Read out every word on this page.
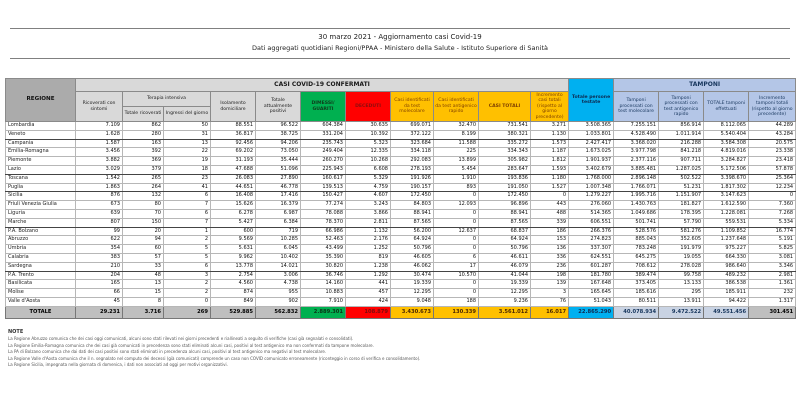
30 marzo 2021 - Aggiornamento casi Covid-19
Dati aggregati quotidiani Regioni/PPAA - Ministero della Salute - Istituto Superiore di Sanità
REGIONE	CASI COVID-19 CONFERMATI											Totale persone testate	TAMPONI			
	Ricoverati con sintomi	Terapia intensiva		Isolamento domiciliare	Totale attualmente positivi	DIMESSI/ GUARITI	DECEDUTI	Casi identificati da test molecolare	Casi identificati da test antigenico rapido	CASI TOTALI	Incremento casi totali (rispetto al giorno precedente)		Tamponi processati con test molecolare	Tamponi processati con test antigenico rapido	TOTALE tamponi effettuati	Incremento tamponi totali (rispetto al giorno precedente)
		Totale ricoverati	Ingressi del giorno													
Lombardia	7.109	862	50	88.551	96.522	604.384	30.635	699.071	32.470	731.541	3.271	3.508.365	7.255.151	856.914	8.112.065	44.289
Veneto	1.628	280	31	36.817	38.725	331.204	10.392	372.122	8.199	380.321	1.130	1.033.801	4.528.490	1.011.914	5.540.404	43.284
Campania	1.587	163	13	92.456	94.206	235.743	5.323	323.684	11.588	335.272	1.573	2.427.417	3.368.020	216.288	3.584.308	20.575
Emilia-Romagna	3.456	392	22	69.202	73.050	249.404	12.335	334.118	225	334.343	1.187	1.673.025	3.977.798	841.218	4.819.016	23.338
Piemonte	3.882	369	19	31.193	35.444	260.270	10.268	292.083	13.899	305.982	1.812	1.901.937	2.377.116	907.711	3.284.827	23.418
Lazio	3.029	379	18	47.688	51.096	225.943	6.608	278.193	5.454	283.647	1.593	3.402.679	3.885.481	1.287.025	5.172.506	57.878
Toscana	1.542	265	23	26.083	27.890	160.617	5.329	191.926	1.910	193.836	1.180	1.768.000	2.896.148	502.522	3.398.670	25.364
Puglia	1.863	264	41	44.651	46.778	139.513	4.759	190.157	893	191.050	1.527	1.007.348	1.766.071	51.231	1.817.302	12.234
Sicilia	876	132	6	16.408	17.416	150.427	4.607	172.450	0	172.450	0	1.279.227	1.995.716	1.151.907	3.147.623	0
Friuli Venezia Giulia	673	80	7	15.626	16.379	77.274	3.243	84.803	12.093	96.896	443	276.060	1.430.763	181.827	1.612.590	7.360
Liguria	639	70	6	6.278	6.987	78.088	3.866	88.941	0	88.941	488	514.365	1.049.686	178.395	1.228.081	7.268
Marche	807	150	7	5.427	6.384	78.370	2.811	87.565	0	87.565	339	606.551	501.741	57.790	559.531	5.334
P.A. Bolzano	99	20	1	600	719	66.986	1.132	56.200	12.637	68.837	186	266.376	528.576	581.276	1.109.852	16.774
Abruzzo	622	94	2	9.569	10.285	52.463	2.176	64.924	0	64.924	153	274.823	885.043	352.605	1.237.648	5.191
Umbria	354	60	5	5.631	6.045	43.499	1.252	50.796	0	50.796	136	337.307	783.248	191.979	975.227	5.825
Calabria	383	57	5	9.962	10.402	35.390	819	46.605	6	46.611	336	624.551	645.275	19.055	664.330	3.081
Sardegna	210	33	6	13.778	14.021	30.820	1.238	46.062	17	46.079	236	601.287	708.612	278.028	986.640	3.346
P.A. Trento	204	48	3	2.754	3.006	36.746	1.292	30.474	10.570	41.044	198	181.780	389.474	99.758	489.232	2.981
Basilicata	165	13	2	4.560	4.738	14.160	441	19.339	0	19.339	139	167.648	373.405	13.133	386.538	1.361
Molise	66	15	2	874	955	10.883	457	12.295	0	12.295	3	165.645	185.616	295	185.911	232
Valle d'Aosta	45	8	0	849	902	7.910	424	9.048	188	9.236	76	51.043	80.511	13.911	94.422	1.317
TOTALE	29.231	3.716	269	529.885	562.832	2.889.301	108.879	3.430.673	130.339	3.561.012	16.017	22.865.290	40.078.934	9.472.522	49.551.456	301.451
NOTE
La Regione Abruzzo comunica che dei casi oggi comunicati, alcuni sono stati rilevati nei giorni precedenti e riallineati a seguito di verifiche (casi già segnalati e consolidati).
La Regione Emilia-Romagna comunica che dei casi già comunicati in precedenza sono stati eliminati alcuni casi, positivi al test antigenico ma non confermati da tampone molecolare.
La PA di Bolzano comunica che dai dati dei casi positivi sono stati eliminati in precedenza alcuni casi, positivi al test antigenico ma negativi al test molecolare.
La Regione Valle d'Aosta comunica che il n. segnalato nel computo dei decessi (già comunicati) comprende un caso non COVID comunicato erroneamente (riconteggio in corso di verifica e consolidamento).
La Regione Sicilia, impegnata nella giornata di domenica, i dati non associati ad oggi per motivi organizzativi.
